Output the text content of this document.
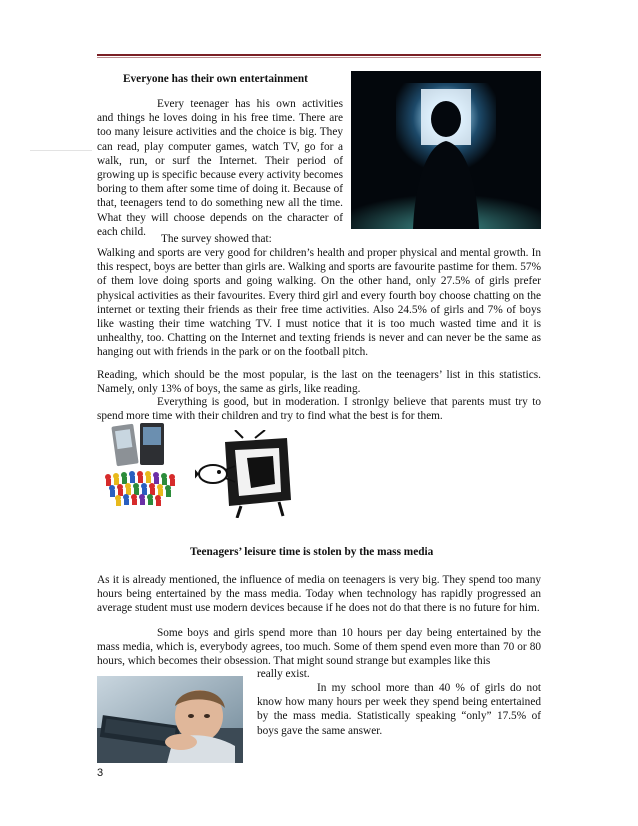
Everyone has their own entertainment

Every teenager has his own activities and things he loves doing in his free time. There are too many leisure activities and the choice is big. They can read, play computer games, watch TV, go for a walk, run, or surf the Internet. Their period of growing up is specific because every activity becomes boring to them after some time of doing it. Because of that, teenagers tend to do something new all the time. What they will choose depends on the character of each child.

The survey showed that:

Walking and sports are very good for children’s health and proper physical and mental growth. In this respect, boys are better than girls are. Walking and sports are favourite pastime for them. 57% of them love doing sports and going walking. On the other hand, only 27.5% of girls prefer physical activities as their favourites. Every third girl and every fourth boy choose chatting on the internet or texting their friends as their free time activities. Also 24.5% of girls and 7% of boys like wasting their time watching TV. I must notice that it is too much wasted time and it is unhealthy, too. Chatting on the Internet and texting friends is never and can never be the same as hanging out with friends in the park or on the football pitch.

Reading, which should be the most popular, is the last on the teenagers’ list in this statistics. Namely, only 13% of boys, the same as girls, like reading.

Everything is good, but in moderation. I stronlgy believe that parents must try to spend more time with their children and try to find what the best is for them.

Teenagers’ leisure time is stolen by the mass media

As it is already mentioned, the influence of media on teenagers is very big. They spend too many hours being entertained by the mass media. Today when technology has rapidly progressed an average student must use modern devices because if he does not do that there is no future for him.

Some boys and girls spend more than 10 hours per day being entertained by the mass media, which is, everybody agrees, too much. Some of them spend even more than 70 or 80 hours, which becomes their obsession. That might sound strange but examples like this

really exist.

In my school more than 40 % of girls do not know how many hours per week they spend being entertained by the mass media. Statistically speaking “only” 17.5% of boys gave the same answer.

3
